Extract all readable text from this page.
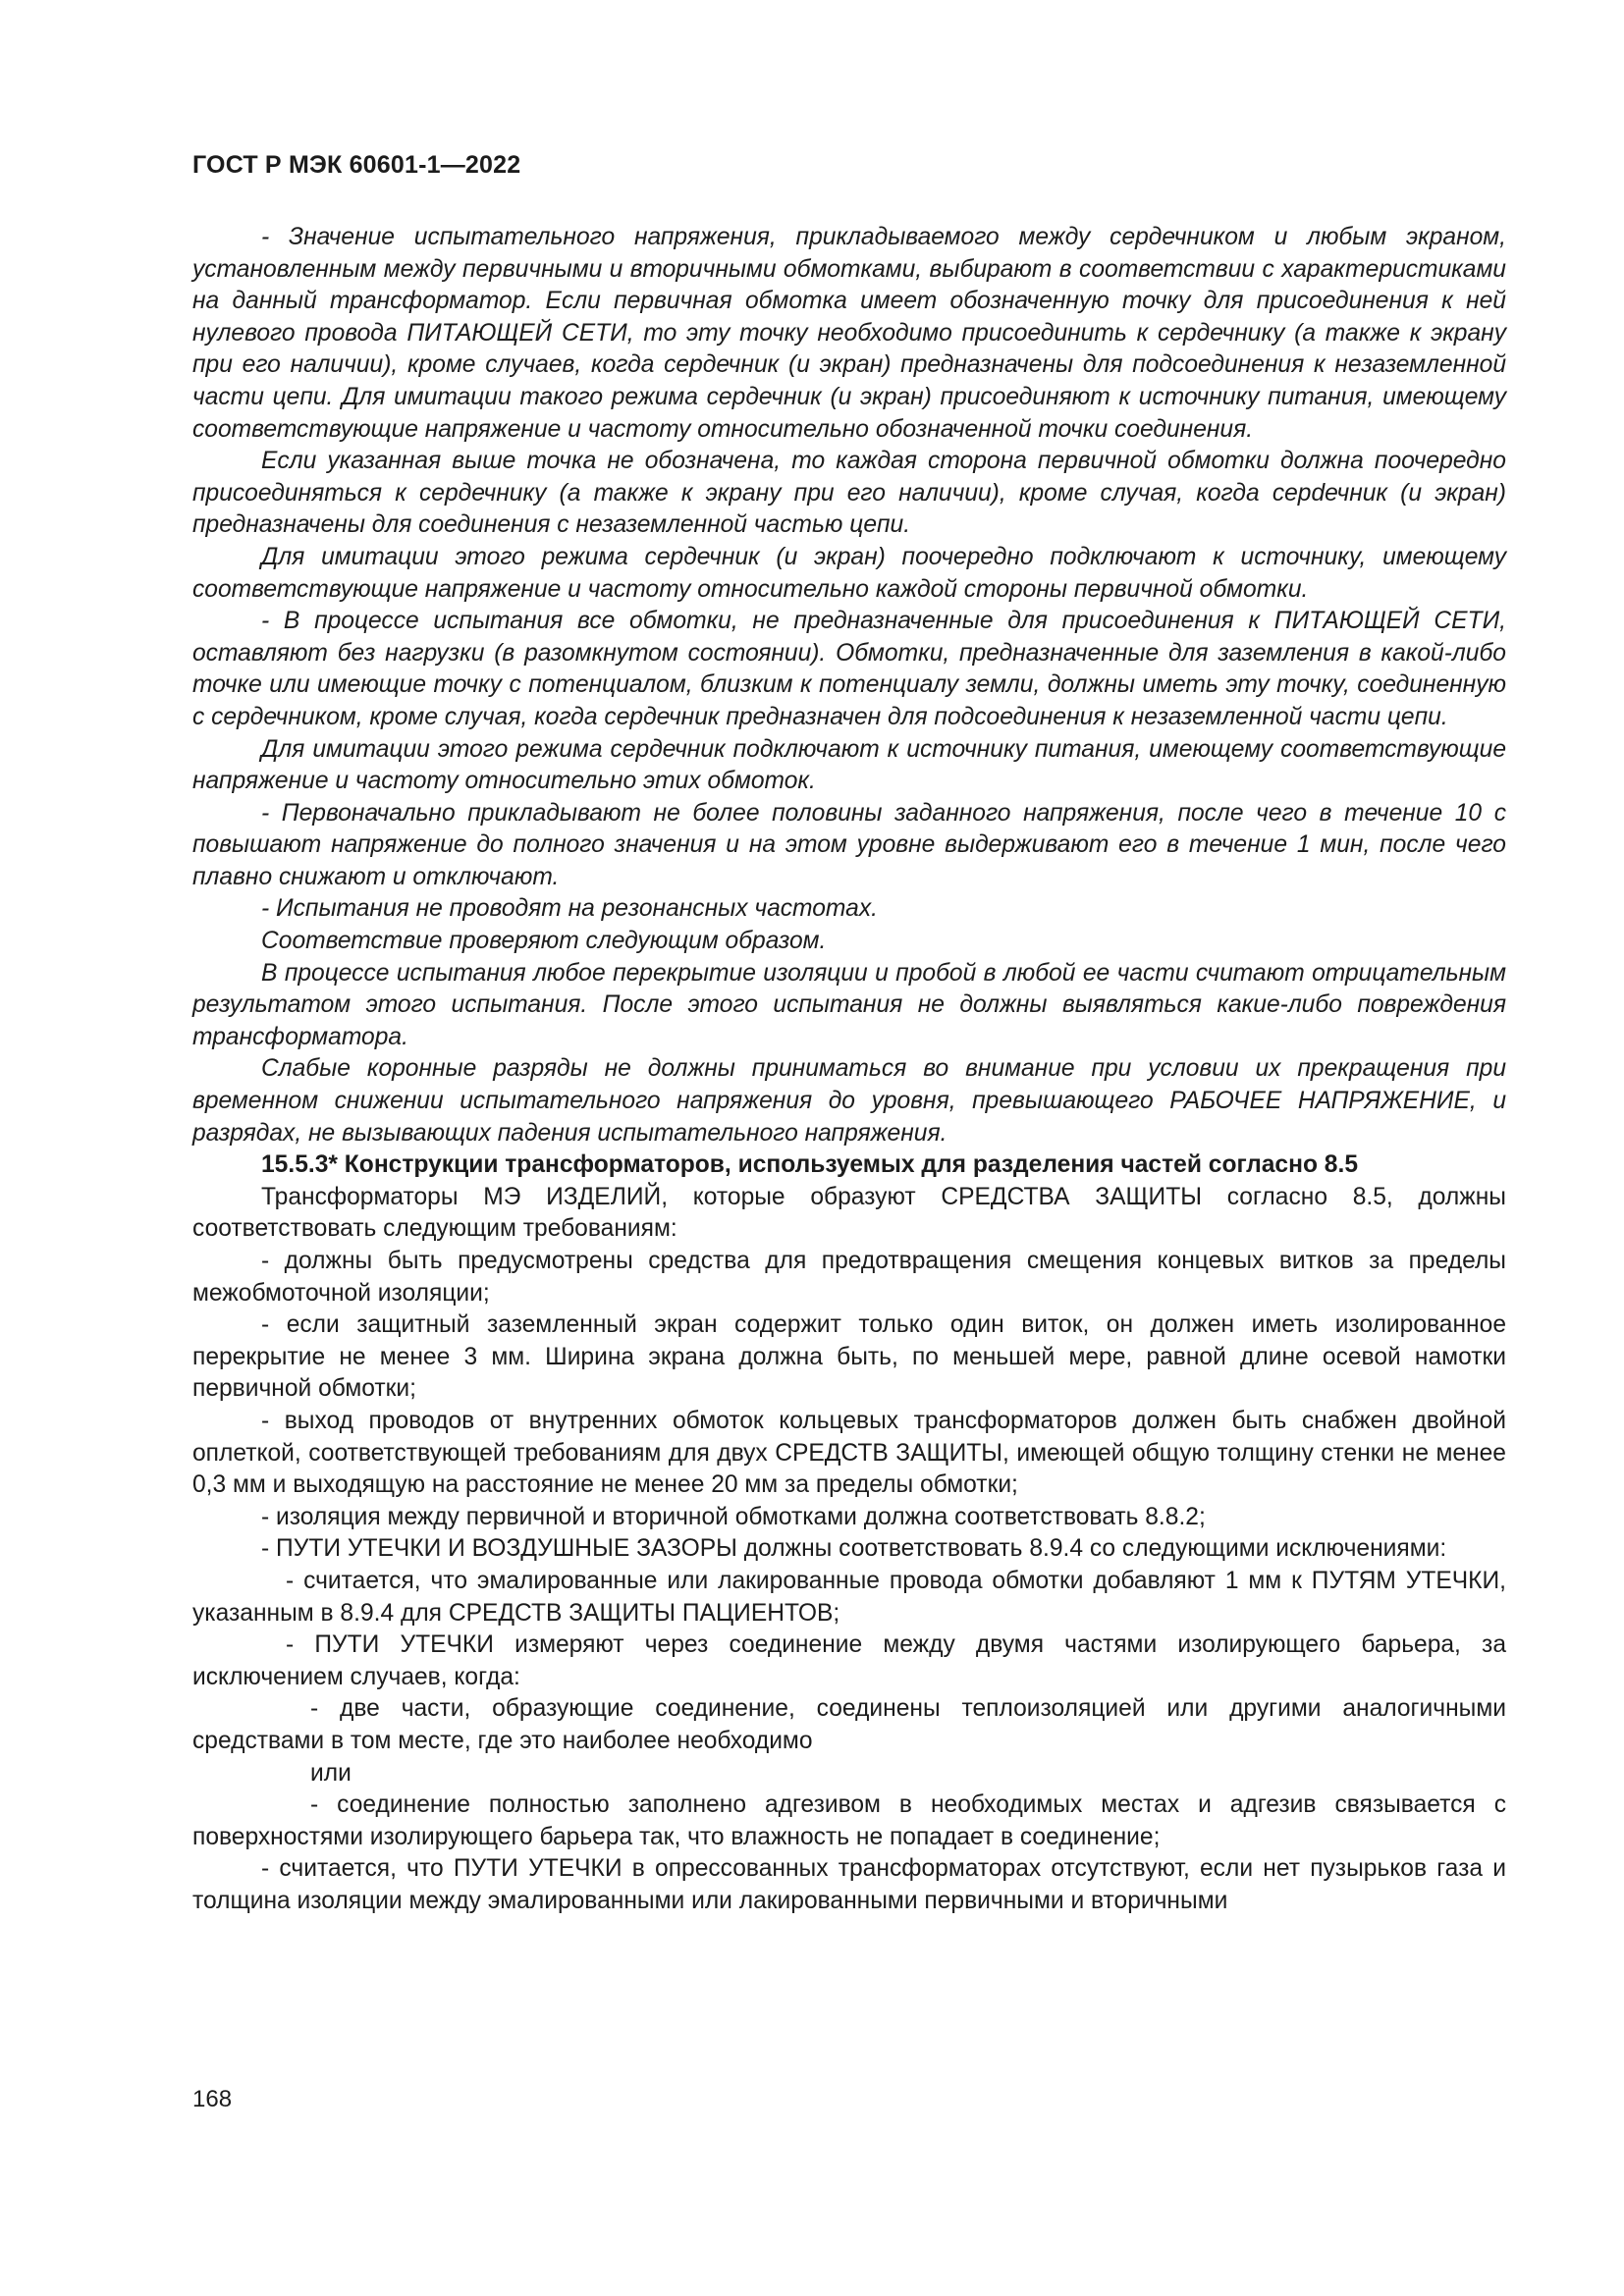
ГОСТ Р МЭК 60601-1—2022

- Значение испытательного напряжения, прикладываемого между сердечником и любым экраном, установленным между первичными и вторичными обмотками, выбирают в соответствии с характеристиками на данный трансформатор. Если первичная обмотка имеет обозначенную точку для присоединения к ней нулевого провода ПИТАЮЩЕЙ СЕТИ, то эту точку необходимо присоединить к сердечнику (а также к экрану при его наличии), кроме случаев, когда сердечник (и экран) предназначены для подсоединения к незаземленной части цепи. Для имитации такого режима сердечник (и экран) присоединяют к источнику питания, имеющему соответствующие напряжение и частоту относительно обозначенной точки соединения.

Если указанная выше точка не обозначена, то каждая сторона первичной обмотки должна поочередно присоединяться к сердечнику (а также к экрану при его наличии), кроме случая, когда серdечник (и экран) предназначены для соединения с незаземленной частью цепи.

Для имитации этого режима сердечник (и экран) поочередно подключают к источнику, имеющему соответствующие напряжение и частоту относительно каждой стороны первичной обмотки.

- В процессе испытания все обмотки, не предназначенные для присоединения к ПИТАЮЩЕЙ СЕТИ, оставляют без нагрузки (в разомкнутом состоянии). Обмотки, предназначенные для заземления в какой-либо точке или имеющие точку с потенциалом, близким к потенциалу земли, должны иметь эту точку, соединенную с сердечником, кроме случая, когда сердечник предназначен для подсоединения к незаземленной части цепи.

Для имитации этого режима сердечник подключают к источнику питания, имеющему соответствующие напряжение и частоту относительно этих обмоток.

- Первоначально прикладывают не более половины заданного напряжения, после чего в течение 10 с повышают напряжение до полного значения и на этом уровне выдерживают его в течение 1 мин, после чего плавно снижают и отключают.

- Испытания не проводят на резонансных частотах.

Соответствие проверяют следующим образом.

В процессе испытания любое перекрытие изоляции и пробой в любой ее части считают отрицательным результатом этого испытания. После этого испытания не должны выявляться какие-либо повреждения трансформатора.

Слабые коронные разряды не должны приниматься во внимание при условии их прекращения при временном снижении испытательного напряжения до уровня, превышающего РАБОЧЕЕ НАПРЯЖЕНИЕ, и разрядах, не вызывающих падения испытательного напряжения.

15.5.3* Конструкции трансформаторов, используемых для разделения частей согласно 8.5

Трансформаторы МЭ ИЗДЕЛИЙ, которые образуют СРЕДСТВА ЗАЩИТЫ согласно 8.5, должны соответствовать следующим требованиям:

- должны быть предусмотрены средства для предотвращения смещения концевых витков за пределы межобмоточной изоляции;

- если защитный заземленный экран содержит только один виток, он должен иметь изолированное перекрытие не менее 3 мм. Ширина экрана должна быть, по меньшей мере, равной длине осевой намотки первичной обмотки;

- выход проводов от внутренних обмоток кольцевых трансформаторов должен быть снабжен двойной оплеткой, соответствующей требованиям для двух СРЕДСТВ ЗАЩИТЫ, имеющей общую толщину стенки не менее 0,3 мм и выходящую на расстояние не менее 20 мм за пределы обмотки;

- изоляция между первичной и вторичной обмотками должна соответствовать 8.8.2;

- ПУТИ УТЕЧКИ И ВОЗДУШНЫЕ ЗАЗОРЫ должны соответствовать 8.9.4 со следующими исключениями:

- считается, что эмалированные или лакированные провода обмотки добавляют 1 мм к ПУТЯМ УТЕЧКИ, указанным в 8.9.4 для СРЕДСТВ ЗАЩИТЫ ПАЦИЕНТОВ;

- ПУТИ УТЕЧКИ измеряют через соединение между двумя частями изолирующего барьера, за исключением случаев, когда:

- две части, образующие соединение, соединены теплоизоляцией или другими аналогичными средствами в том месте, где это наиболее необходимо

или

- соединение полностью заполнено адгезивом в необходимых местах и адгезив связывается с поверхностями изолирующего барьера так, что влажность не попадает в соединение;

- считается, что ПУТИ УТЕЧКИ в опрессованных трансформаторах отсутствуют, если нет пузырьков газа и толщина изоляции между эмалированными или лакированными первичными и вторичными

168
